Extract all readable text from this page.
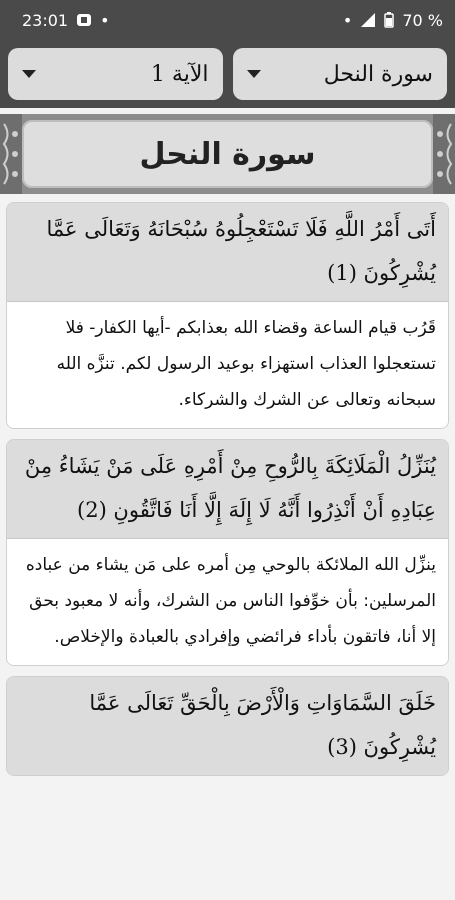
23:01 •	•	70 %
الآية 1	سورة النحل
سورة النحل
أَتَى أَمْرُ اللَّهِ فَلَا تَسْتَعْجِلُوهُ سُبْحَانَهُ وَتَعَالَى عَمَّا يُشْرِكُونَ (1)
قَرُب قيام الساعة وقضاء الله بعذابكم -أيها الكفار- فلا تستعجلوا العذاب استهزاء بوعيد الرسول لكم. تنزَّه الله سبحانه وتعالى عن الشرك والشركاء.
يُنَزِّلُ الْمَلَائِكَةَ بِالرُّوحِ مِنْ أَمْرِهِ عَلَى مَنْ يَشَاءُ مِنْ عِبَادِهِ أَنْ أَنْذِرُوا أَنَّهُ لَا إِلَهَ إِلَّا أَنَا فَاتَّقُونِ (2)
ينزِّل الله الملائكة بالوحي مِن أمره على مَن يشاء من عباده المرسلين: بأن خوِّفوا الناس من الشرك، وأنه لا معبود بحق إلا أنا، فاتقون بأداء فرائضي وإفرادي بالعبادة والإخلاص.
خَلَقَ السَّمَاوَاتِ وَالْأَرْضَ بِالْحَقِّ تَعَالَى عَمَّا يُشْرِكُونَ (3)
